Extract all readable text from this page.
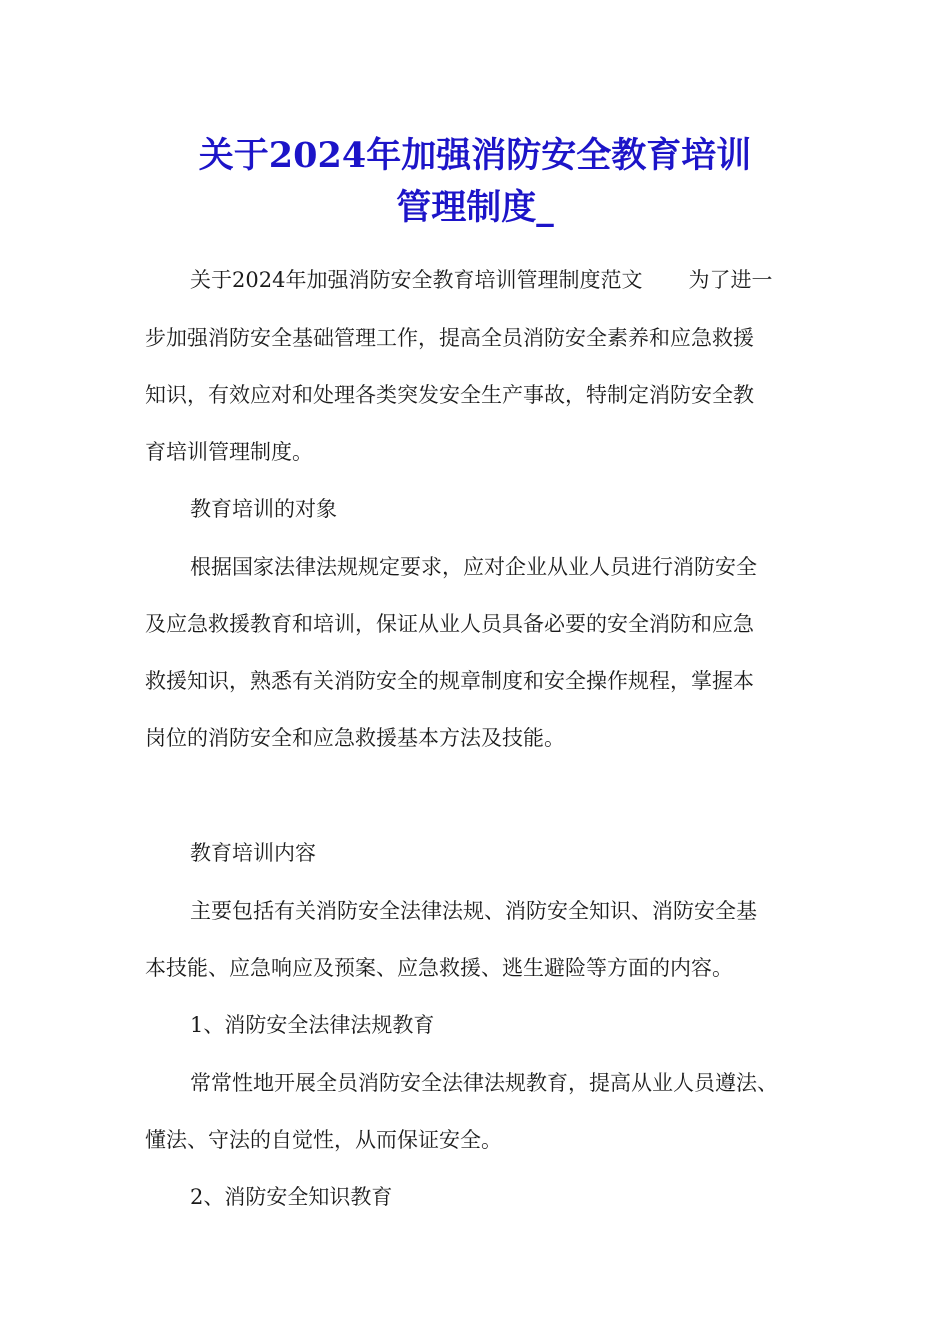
关于2024年加强消防安全教育培训
管理制度_

关于2024年加强消防安全教育培训管理制度范文 为了进一

步加强消防安全基础管理工作，提高全员消防安全素养和应急救援

知识，有效应对和处理各类突发安全生产事故，特制定消防安全教

育培训管理制度。

教育培训的对象

根据国家法律法规规定要求，应对企业从业人员进行消防安全

及应急救援教育和培训，保证从业人员具备必要的安全消防和应急

救援知识，熟悉有关消防安全的规章制度和安全操作规程，掌握本

岗位的消防安全和应急救援基本方法及技能。

教育培训内容

主要包括有关消防安全法律法规、消防安全知识、消防安全基

本技能、应急响应及预案、应急救援、逃生避险等方面的内容。

1、消防安全法律法规教育

常常性地开展全员消防安全法律法规教育，提高从业人员遵法、

懂法、守法的自觉性，从而保证安全。

2、消防安全知识教育
